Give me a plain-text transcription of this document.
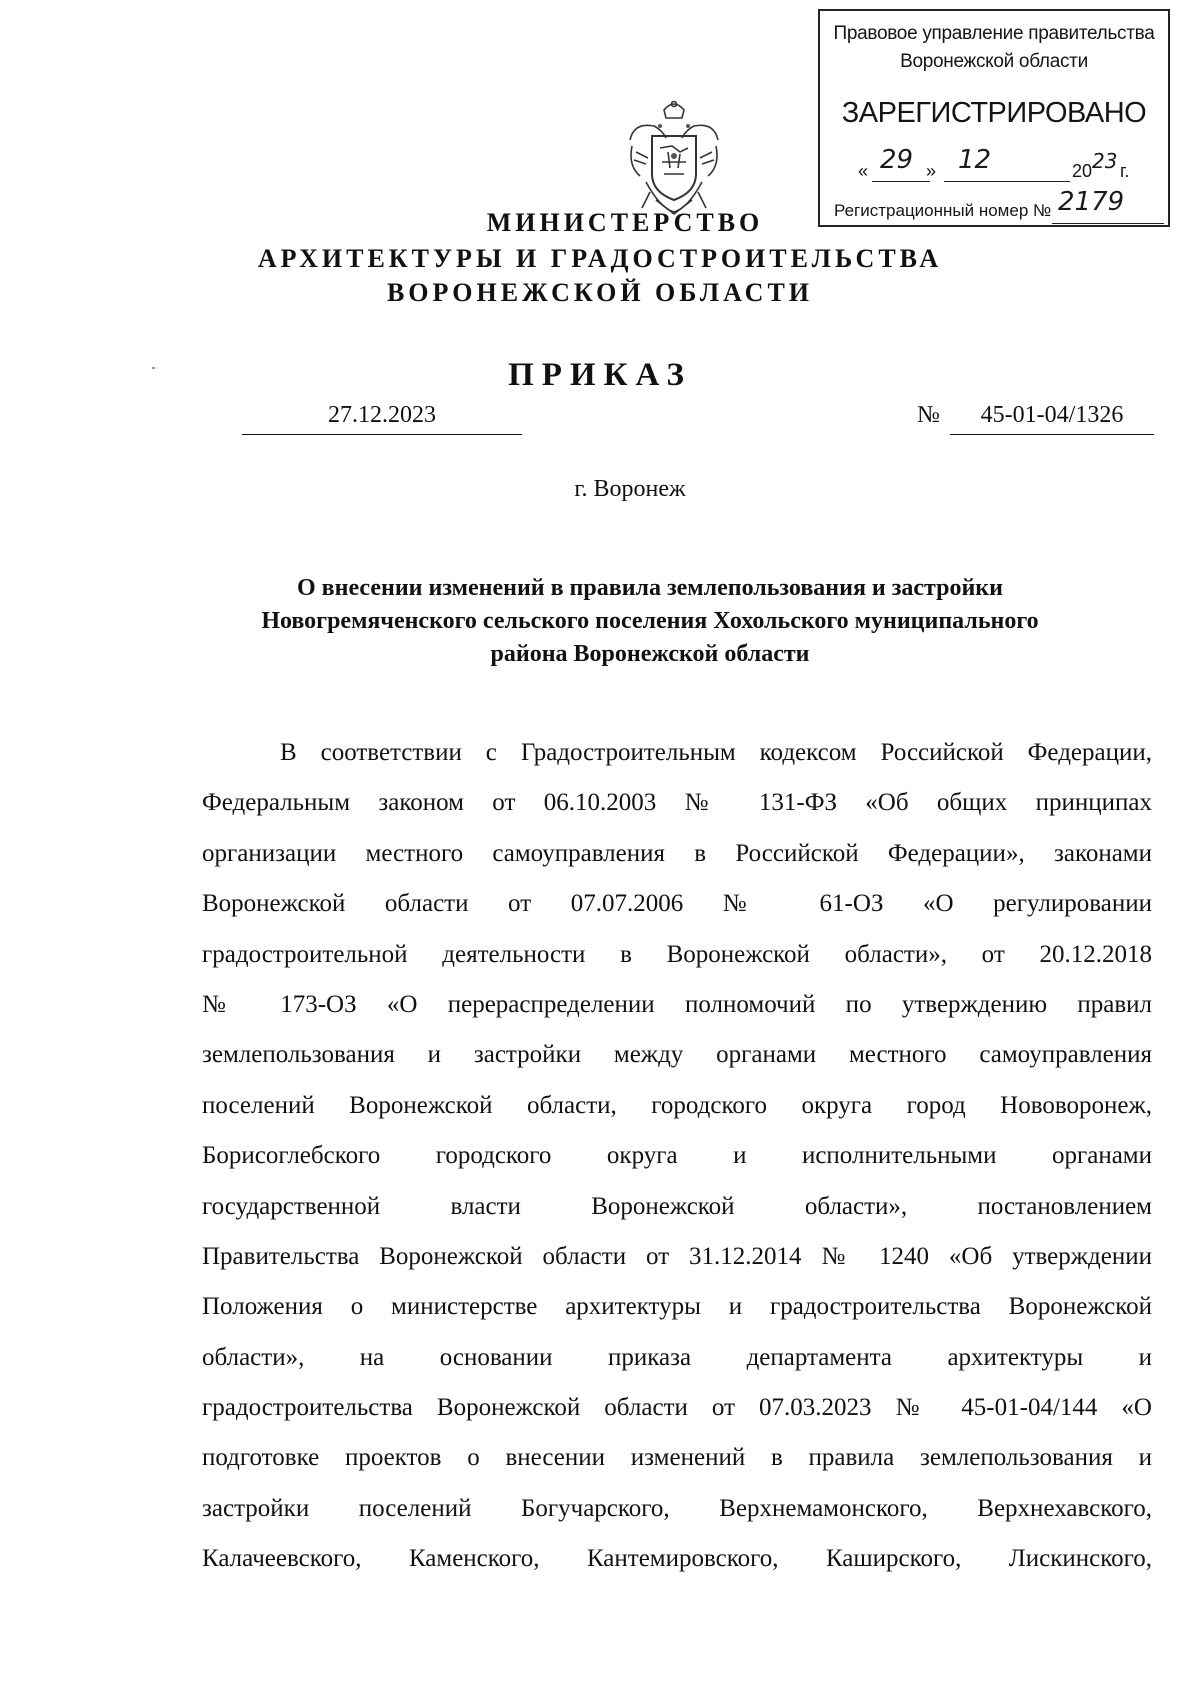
Правовое управление правительства
Воронежской области
ЗАРЕГИСТРИРОВАНО
« 29 » 12	20 23 г.
Регистрационный номер № 2179
МИНИСТЕРСТВО
АРХИТЕКТУРЫ И ГРАДОСТРОИТЕЛЬСТВА
ВОРОНЕЖСКОЙ ОБЛАСТИ
ПРИКАЗ
27.12.2023	№	45-01-04/1326
г. Воронеж
О внесении изменений в правила землепользования и застройки
Новогремяченского сельского поселения Хохольского муниципального
района Воронежской области
В соответствии с Градостроительным кодексом Российской Федерации,
Федеральным законом от 06.10.2003 № 131-ФЗ «Об общих принципах
организации местного самоуправления в Российской Федерации», законами
Воронежской области от 07.07.2006 № 61-ОЗ «О регулировании
градостроительной деятельности в Воронежской области», от 20.12.2018
№ 173-ОЗ «О перераспределении полномочий по утверждению правил
землепользования и застройки между органами местного самоуправления
поселений Воронежской области, городского округа город Нововоронеж,
Борисоглебского городского округа и исполнительными органами
государственной власти Воронежской области», постановлением
Правительства Воронежской области от 31.12.2014 № 1240 «Об утверждении
Положения о министерстве архитектуры и градостроительства Воронежской
области», на основании приказа департамента архитектуры и
градостроительства Воронежской области от 07.03.2023 № 45-01-04/144 «О
подготовке проектов о внесении изменений в правила землепользования и
застройки поселений Богучарского, Верхнемамонского, Верхнехавского,
Калачеевского, Каменского, Кантемировского, Каширского, Лискинского,
